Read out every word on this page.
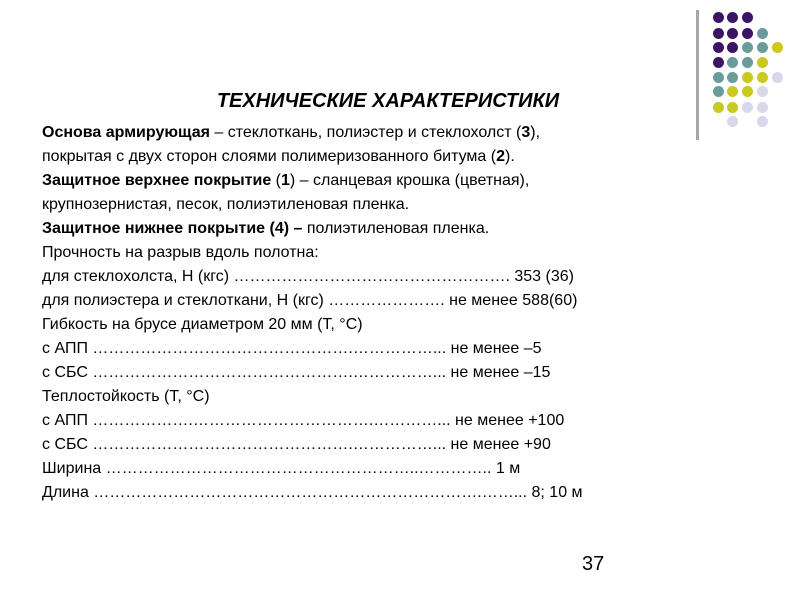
ТЕХНИЧЕСКИЕ ХАРАКТЕРИСТИКИ
Основа армирующая – стеклоткань, полиэстер и стеклохолст (3),
покрытая с двух сторон слоями полимеризованного битума (2).
Защитное верхнее покрытие (1) – сланцевая крошка (цветная),
крупнозернистая, песок, полиэтиленовая пленка.
Защитное нижнее покрытие (4) – полиэтиленовая пленка.
Прочность на разрыв вдоль полотна:
для стеклохолста, Н (кгс) ……………………………………………. 353 (36)
для полиэстера и стеклоткани, Н (кгс) …………………. не менее 588(60)
Гибкость на брусе диаметром 20 мм (Т, °С)
с АПП ………………………………………….……………... не менее –5
с СБС ………………………………………….……………... не менее –15
Теплостойкость (Т, °С)
с АПП ……………….…………………………….…………... не менее +100
с СБС ………………………………………….……………... не менее +90
Ширина …………………………………………………..………….. 1 м
Длина ……………………………………………………………….……... 8; 10 м
37
